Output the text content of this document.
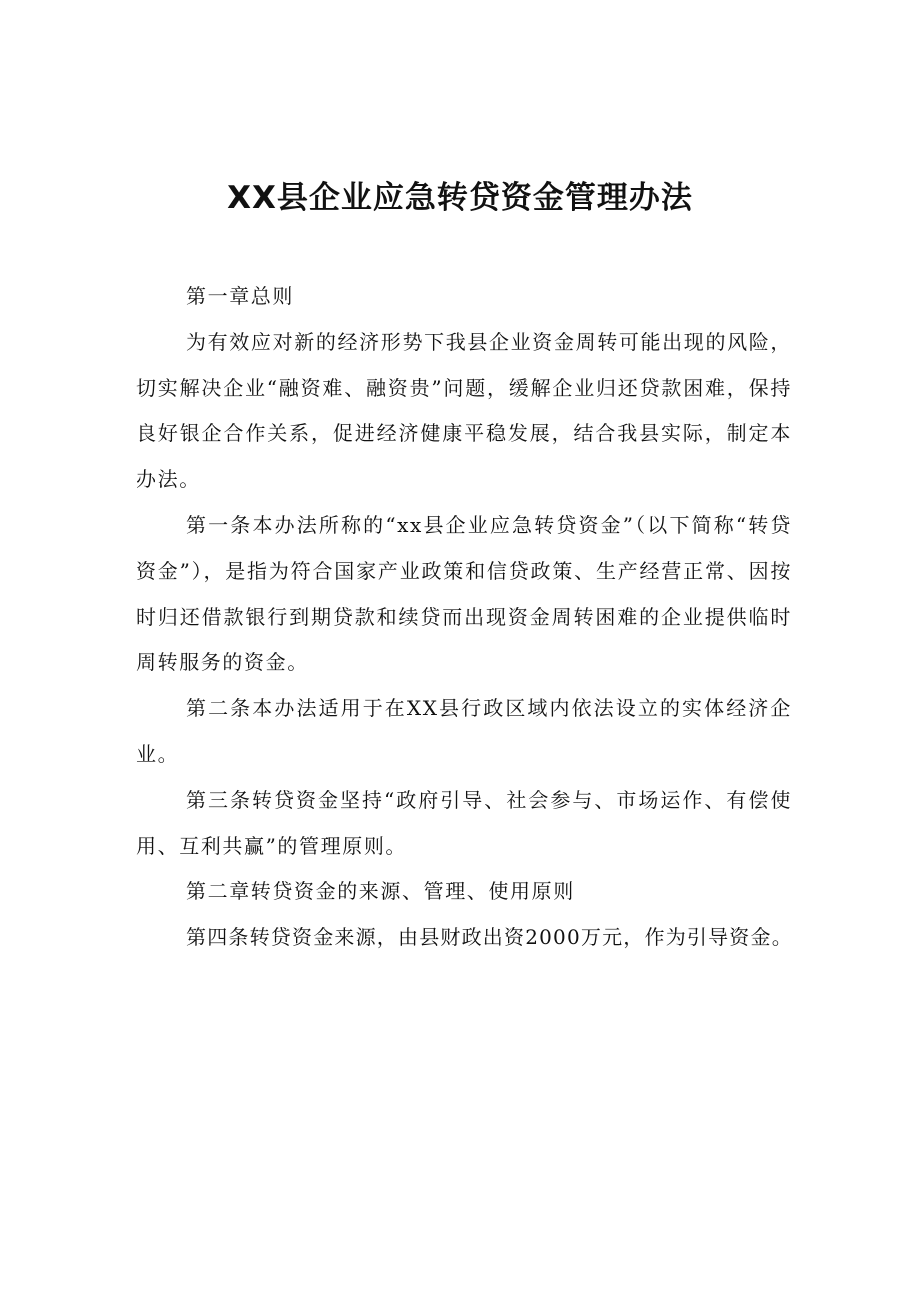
XX县企业应急转贷资金管理办法

第一章总则

为有效应对新的经济形势下我县企业资金周转可能出现的风险，切实解决企业“融资难、融资贵”问题，缓解企业归还贷款困难，保持良好银企合作关系，促进经济健康平稳发展，结合我县实际，制定本办法。

第一条本办法所称的“xx县企业应急转贷资金”（以下简称“转贷资金”），是指为符合国家产业政策和信贷政策、生产经营正常、因按时归还借款银行到期贷款和续贷而出现资金周转困难的企业提供临时周转服务的资金。

第二条本办法适用于在XX县行政区域内依法设立的实体经济企业。

第三条转贷资金坚持“政府引导、社会参与、市场运作、有偿使用、互利共赢”的管理原则。

第二章转贷资金的来源、管理、使用原则

第四条转贷资金来源，由县财政出资2000万元，作为引导资金。
